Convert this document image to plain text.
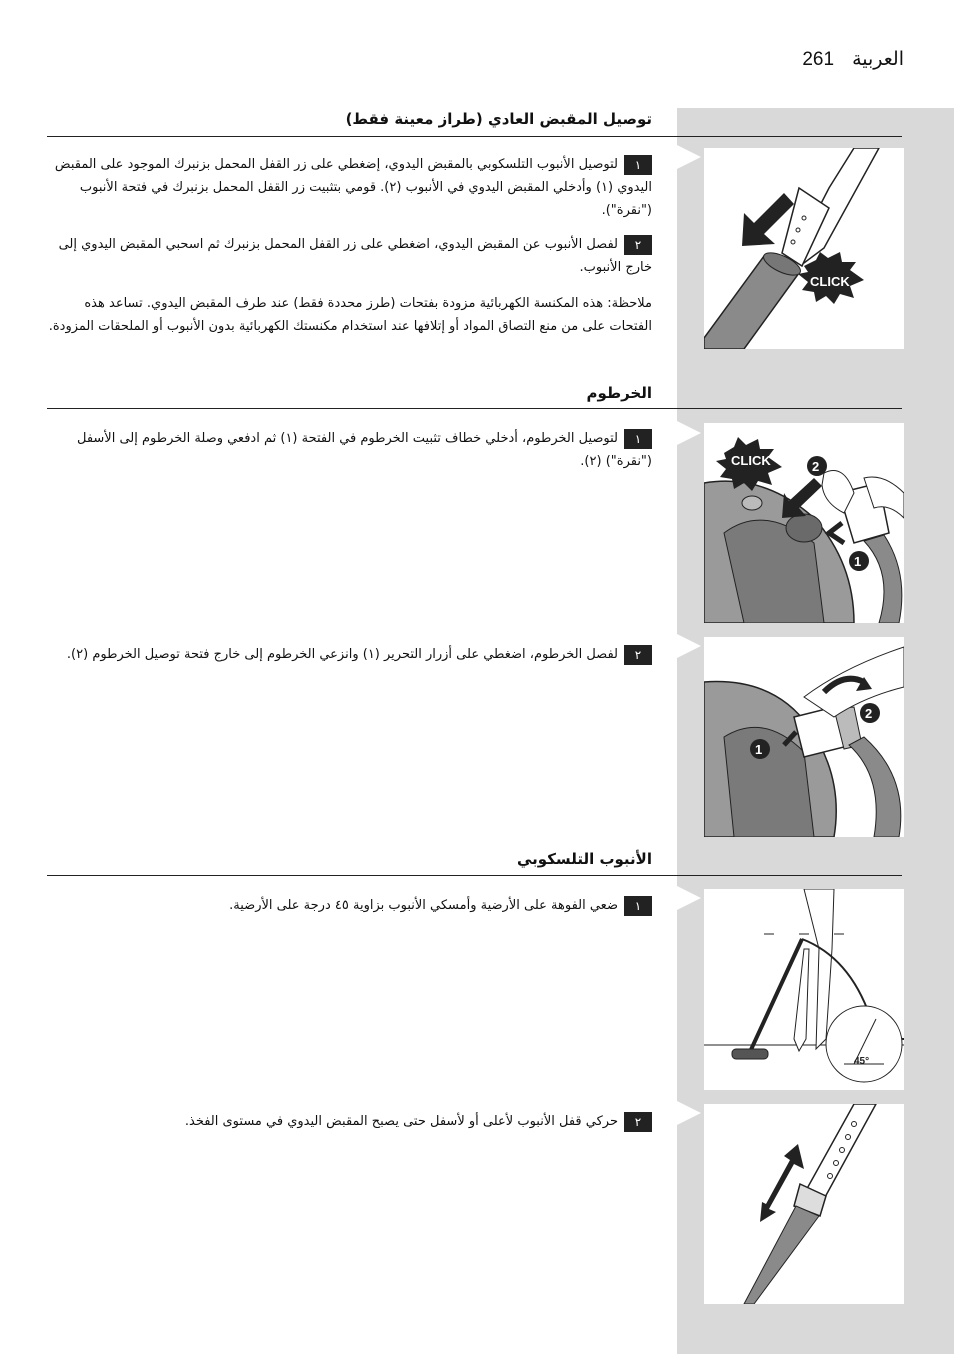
العربية 261
توصيل المقبض العادي (طراز معينة فقط)
١لتوصيل الأنبوب التلسكوبي بالمقبض اليدوي، إضغطي على زر القفل المحمل بزنبرك الموجود على المقبض اليدوي (١) وأدخلي المقبض اليدوي في الأنبوب (٢). قومي بتثبيت زر القفل المحمل بزنبرك في فتحة الأنبوب ("نقرة").
٢لفصل الأنبوب عن المقبض اليدوي، اضغطي على زر القفل المحمل بزنبرك ثم اسحبي المقبض اليدوي إلى خارج الأنبوب.
ملاحظة: هذه المكنسة الكهربائية مزودة بفتحات (طرز محددة فقط) عند طرف المقبض اليدوي. تساعد هذه الفتحات على من منع التصاق المواد أو إتلافها عند استخدام مكنستك الكهربائية بدون الأنبوب أو الملحقات المزودة.
CLICK
الخرطوم
١لتوصيل الخرطوم، أدخلي خطاف تثبيت الخرطوم في الفتحة (١) ثم ادفعي وصلة الخرطوم إلى الأسفل ("نقرة") (٢).	CLICK	2
1
٢لفصل الخرطوم، اضغطي على أزرار التحرير (١) وانزعي الخرطوم إلى خارج فتحة توصيل الخرطوم (٢).
1
2
الأنبوب التلسكوبي
١ضعي الفوهة على الأرضية وأمسكي الأنبوب بزاوية ٤٥ درجة على الأرضية.
45°
٢حركي قفل الأنبوب لأعلى أو لأسفل حتى يصبح المقبض اليدوي في مستوى الفخذ.
